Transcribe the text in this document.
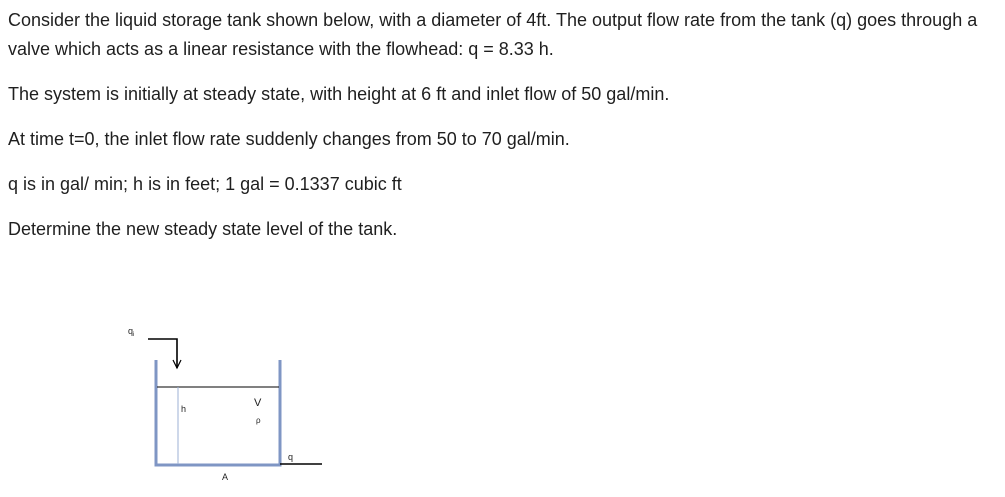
Consider the liquid storage tank shown below, with a diameter of 4ft. The output flow rate from the tank (q) goes through a valve which acts as a linear resistance with the flowhead: q = 8.33 h.

The system is initially at steady state, with height at 6 ft and inlet flow of 50 gal/min.

At time t=0, the inlet flow rate suddenly changes from 50 to 70 gal/min.

q is in gal/ min; h is in feet; 1 gal = 0.1337 cubic ft

Determine the new steady state level of the tank.

$q_i$
h	V
ρ
q
A
